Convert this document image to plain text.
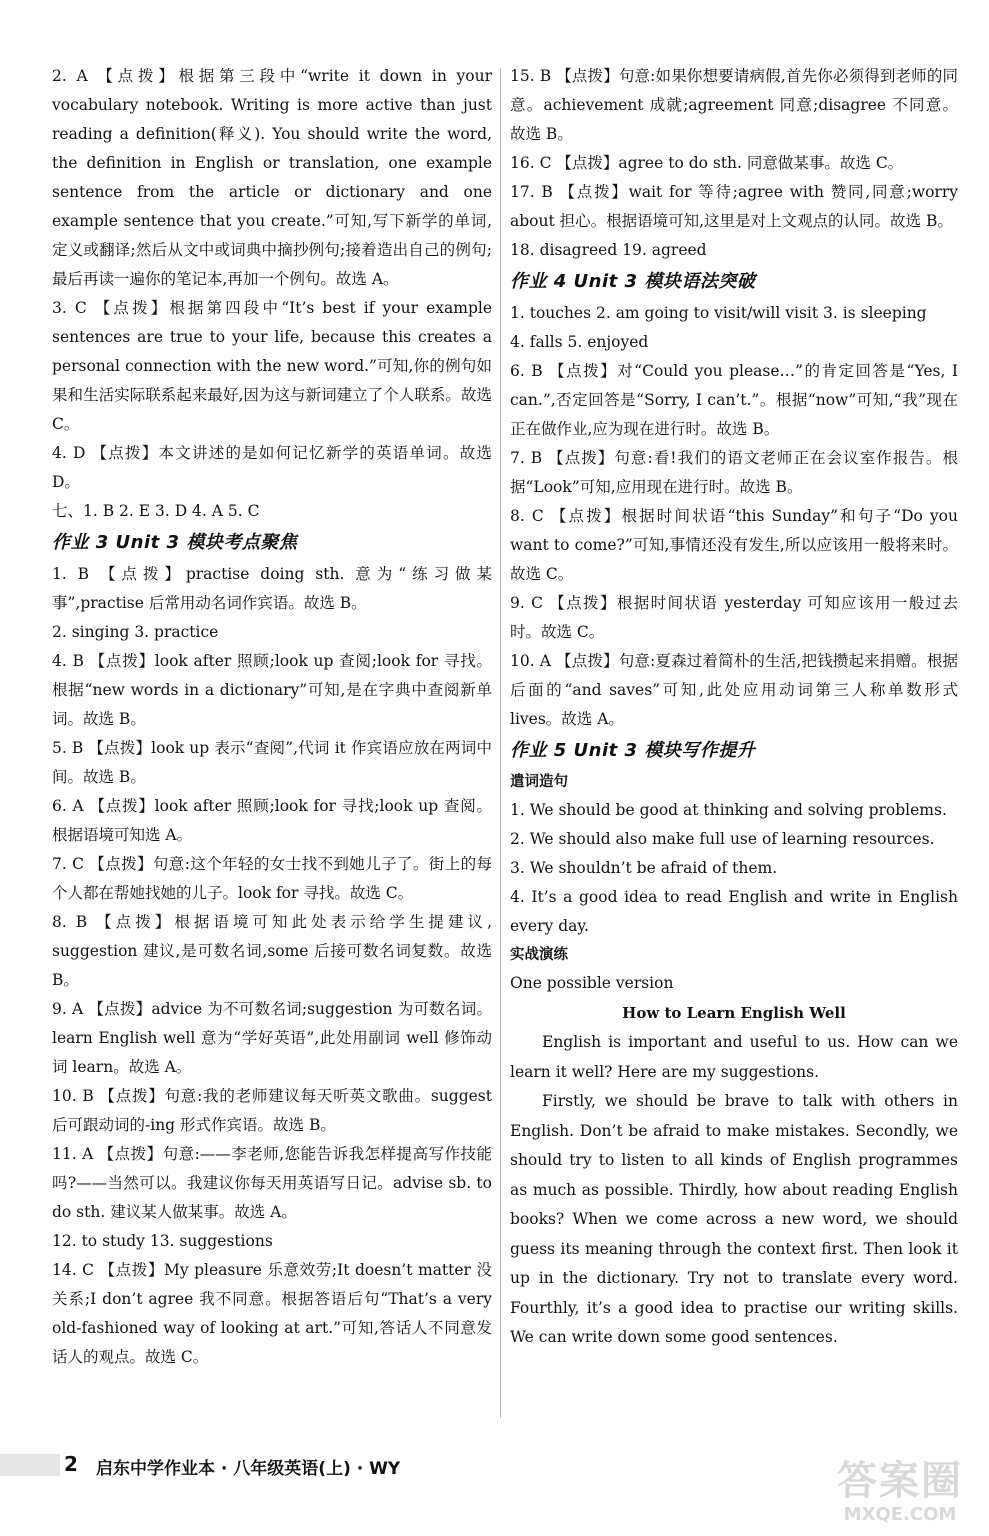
2. A 【点拨】根据第三段中“write it down in your vocabulary notebook. Writing is more active than just reading a definition(释义). You should write the word, the definition in English or translation, one example sentence from the article or dictionary and one example sentence that you create.”可知,写下新学的单词,定义或翻译;然后从文中或词典中摘抄例句;接着造出自己的例句;最后再读一遍你的笔记本,再加一个例句。故选 A。

3. C 【点拨】根据第四段中“It’s best if your example sentences are true to your life, because this creates a personal connection with the new word.”可知,你的例句如果和生活实际联系起来最好,因为这与新词建立了个人联系。故选 C。

4. D 【点拨】本文讲述的是如何记忆新学的英语单词。故选 D。

七、1. B 2. E 3. D 4. A 5. C

作业 3 Unit 3 模块考点聚焦

1. B 【点拨】practise doing sth. 意为“练习做某事”,practise 后常用动名词作宾语。故选 B。

2. singing 3. practice

4. B 【点拨】look after 照顾;look up 查阅;look for 寻找。根据“new words in a dictionary”可知,是在字典中查阅新单词。故选 B。

5. B 【点拨】look up 表示“查阅”,代词 it 作宾语应放在两词中间。故选 B。

6. A 【点拨】look after 照顾;look for 寻找;look up 查阅。根据语境可知选 A。

7. C 【点拨】句意:这个年轻的女士找不到她儿子了。街上的每个人都在帮她找她的儿子。look for 寻找。故选 C。

8. B 【点拨】根据语境可知此处表示给学生提建议, suggestion 建议,是可数名词,some 后接可数名词复数。故选 B。

9. A 【点拨】advice 为不可数名词;suggestion 为可数名词。learn English well 意为“学好英语”,此处用副词 well 修饰动词 learn。故选 A。

10. B 【点拨】句意:我的老师建议每天听英文歌曲。suggest 后可跟动词的-ing 形式作宾语。故选 B。

11. A 【点拨】句意:——李老师,您能告诉我怎样提高写作技能吗?——当然可以。我建议你每天用英语写日记。advise sb. to do sth. 建议某人做某事。故选 A。

12. to study 13. suggestions

14. C 【点拨】My pleasure 乐意效劳;It doesn’t matter 没关系;I don’t agree 我不同意。根据答语后句“That’s a very old-fashioned way of looking at art.”可知,答话人不同意发话人的观点。故选 C。

15. B 【点拨】句意:如果你想要请病假,首先你必须得到老师的同意。achievement 成就;agreement 同意;disagree 不同意。故选 B。

16. C 【点拨】agree to do sth. 同意做某事。故选 C。

17. B 【点拨】wait for 等待;agree with 赞同,同意;worry about 担心。根据语境可知,这里是对上文观点的认同。故选 B。

18. disagreed 19. agreed

作业 4 Unit 3 模块语法突破

1. touches 2. am going to visit/will visit 3. is sleeping

4. falls 5. enjoyed

6. B 【点拨】对“Could you please…”的肯定回答是“Yes, I can.”,否定回答是“Sorry, I can’t.”。根据“now”可知,“我”现在正在做作业,应为现在进行时。故选 B。

7. B 【点拨】句意:看!我们的语文老师正在会议室作报告。根据“Look”可知,应用现在进行时。故选 B。

8. C 【点拨】根据时间状语“this Sunday”和句子“Do you want to come?”可知,事情还没有发生,所以应该用一般将来时。故选 C。

9. C 【点拨】根据时间状语 yesterday 可知应该用一般过去时。故选 C。

10. A 【点拨】句意:夏森过着简朴的生活,把钱攒起来捐赠。根据后面的“and saves”可知,此处应用动词第三人称单数形式 lives。故选 A。

作业 5 Unit 3 模块写作提升
遣词造句

1. We should be good at thinking and solving problems.

2. We should also make full use of learning resources.

3. We shouldn’t be afraid of them.

4. It’s a good idea to read English and write in English every day.

实战演练
One possible version
How to Learn English Well

English is important and useful to us. How can we learn it well? Here are my suggestions.

Firstly, we should be brave to talk with others in English. Don’t be afraid to make mistakes. Secondly, we should try to listen to all kinds of English programmes as much as possible. Thirdly, how about reading English books? When we come across a new word, we should guess its meaning through the context first. Then look it up in the dictionary. Try not to translate every word. Fourthly, it’s a good idea to practise our writing skills. We can write down some good sentences.

2 启东中学作业本 · 八年级英语(上) · WY	答案圈
MXQE.COM
